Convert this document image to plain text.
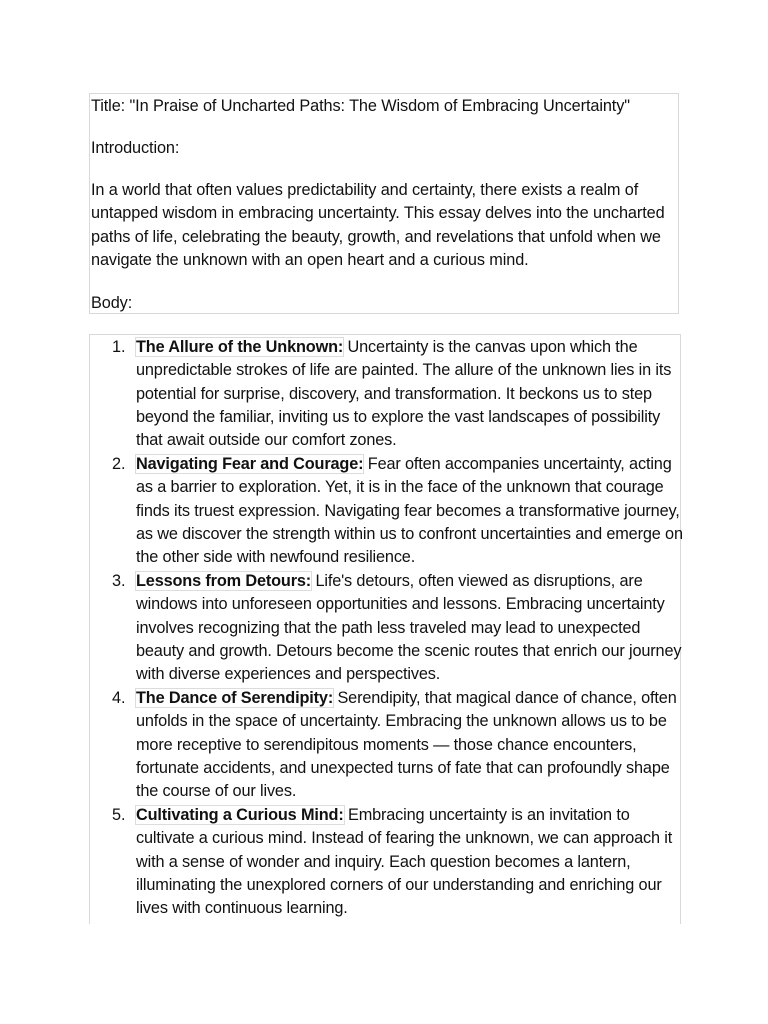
Title: "In Praise of Uncharted Paths: The Wisdom of Embracing Uncertainty"

Introduction:

In a world that often values predictability and certainty, there exists a realm of untapped wisdom in embracing uncertainty. This essay delves into the uncharted paths of life, celebrating the beauty, growth, and revelations that unfold when we navigate the unknown with an open heart and a curious mind.

Body:

1. The Allure of the Unknown: Uncertainty is the canvas upon which the unpredictable strokes of life are painted. The allure of the unknown lies in its potential for surprise, discovery, and transformation. It beckons us to step beyond the familiar, inviting us to explore the vast landscapes of possibility that await outside our comfort zones.

2. Navigating Fear and Courage: Fear often accompanies uncertainty, acting as a barrier to exploration. Yet, it is in the face of the unknown that courage finds its truest expression. Navigating fear becomes a transformative journey, as we discover the strength within us to confront uncertainties and emerge on the other side with newfound resilience.

3. Lessons from Detours: Life's detours, often viewed as disruptions, are windows into unforeseen opportunities and lessons. Embracing uncertainty involves recognizing that the path less traveled may lead to unexpected beauty and growth. Detours become the scenic routes that enrich our journey with diverse experiences and perspectives.

4. The Dance of Serendipity: Serendipity, that magical dance of chance, often unfolds in the space of uncertainty. Embracing the unknown allows us to be more receptive to serendipitous moments — those chance encounters, fortunate accidents, and unexpected turns of fate that can profoundly shape the course of our lives.

5. Cultivating a Curious Mind: Embracing uncertainty is an invitation to cultivate a curious mind. Instead of fearing the unknown, we can approach it with a sense of wonder and inquiry. Each question becomes a lantern, illuminating the unexplored corners of our understanding and enriching our lives with continuous learning.
